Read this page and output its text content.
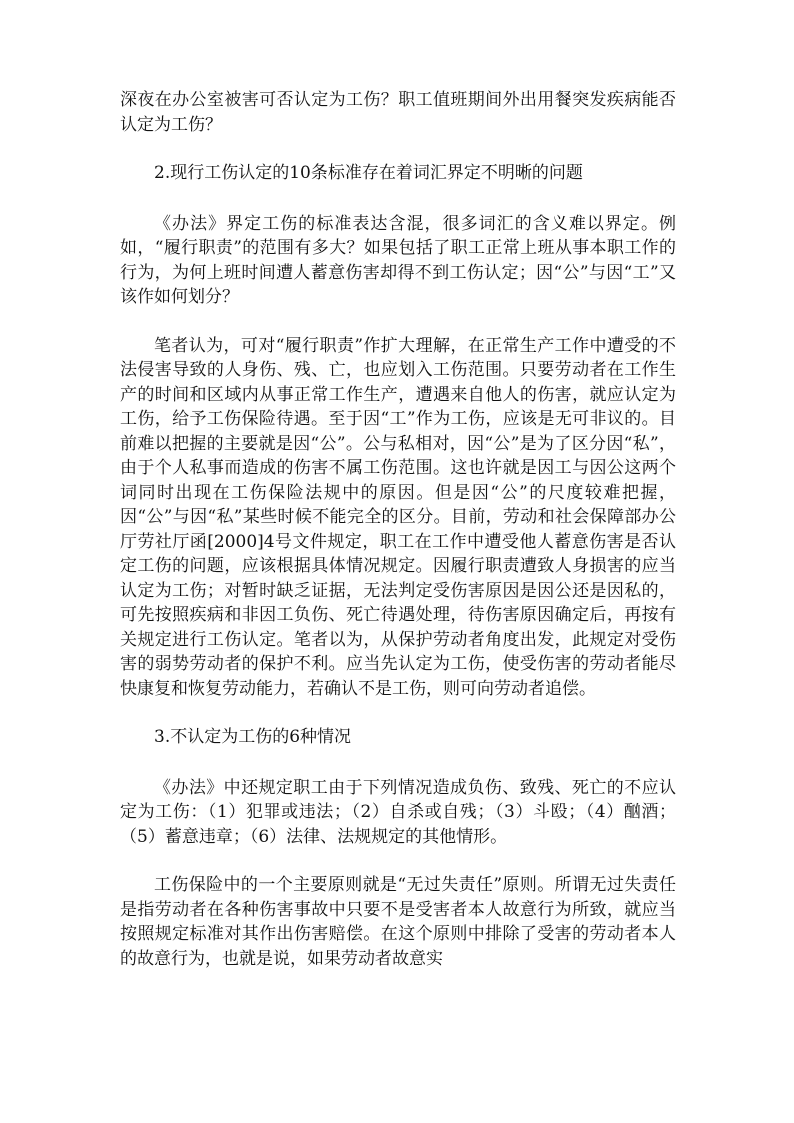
深夜在办公室被害可否认定为工伤？职工值班期间外出用餐突发疾病能否认定为工伤？

2.现行工伤认定的10条标准存在着词汇界定不明晰的问题

《办法》界定工伤的标准表达含混，很多词汇的含义难以界定。例如，“履行职责”的范围有多大？如果包括了职工正常上班从事本职工作的行为，为何上班时间遭人蓄意伤害却得不到工伤认定；因“公”与因“工”又该作如何划分？

笔者认为，可对“履行职责”作扩大理解，在正常生产工作中遭受的不法侵害导致的人身伤、残、亡，也应划入工伤范围。只要劳动者在工作生产的时间和区域内从事正常工作生产，遭遇来自他人的伤害，就应认定为工伤，给予工伤保险待遇。至于因“工”作为工伤，应该是无可非议的。目前难以把握的主要就是因“公”。公与私相对，因“公”是为了区分因“私”，由于个人私事而造成的伤害不属工伤范围。这也许就是因工与因公这两个词同时出现在工伤保险法规中的原因。但是因“公”的尺度较难把握，因“公”与因“私”某些时候不能完全的区分。目前，劳动和社会保障部办公厅劳社厅函[2000]4号文件规定，职工在工作中遭受他人蓄意伤害是否认定工伤的问题，应该根据具体情况规定。因履行职责遭致人身损害的应当认定为工伤；对暂时缺乏证据，无法判定受伤害原因是因公还是因私的，可先按照疾病和非因工负伤、死亡待遇处理，待伤害原因确定后，再按有关规定进行工伤认定。笔者以为，从保护劳动者角度出发，此规定对受伤害的弱势劳动者的保护不利。应当先认定为工伤，使受伤害的劳动者能尽快康复和恢复劳动能力，若确认不是工伤，则可向劳动者追偿。

3.不认定为工伤的6种情况

《办法》中还规定职工由于下列情况造成负伤、致残、死亡的不应认定为工伤：（1）犯罪或违法；（2）自杀或自残；（3）斗殴；（4）酗酒；（5）蓄意违章；（6）法律、法规规定的其他情形。

工伤保险中的一个主要原则就是“无过失责任”原则。所谓无过失责任是指劳动者在各种伤害事故中只要不是受害者本人故意行为所致，就应当按照规定标准对其作出伤害赔偿。在这个原则中排除了受害的劳动者本人的故意行为，也就是说，如果劳动者故意实
